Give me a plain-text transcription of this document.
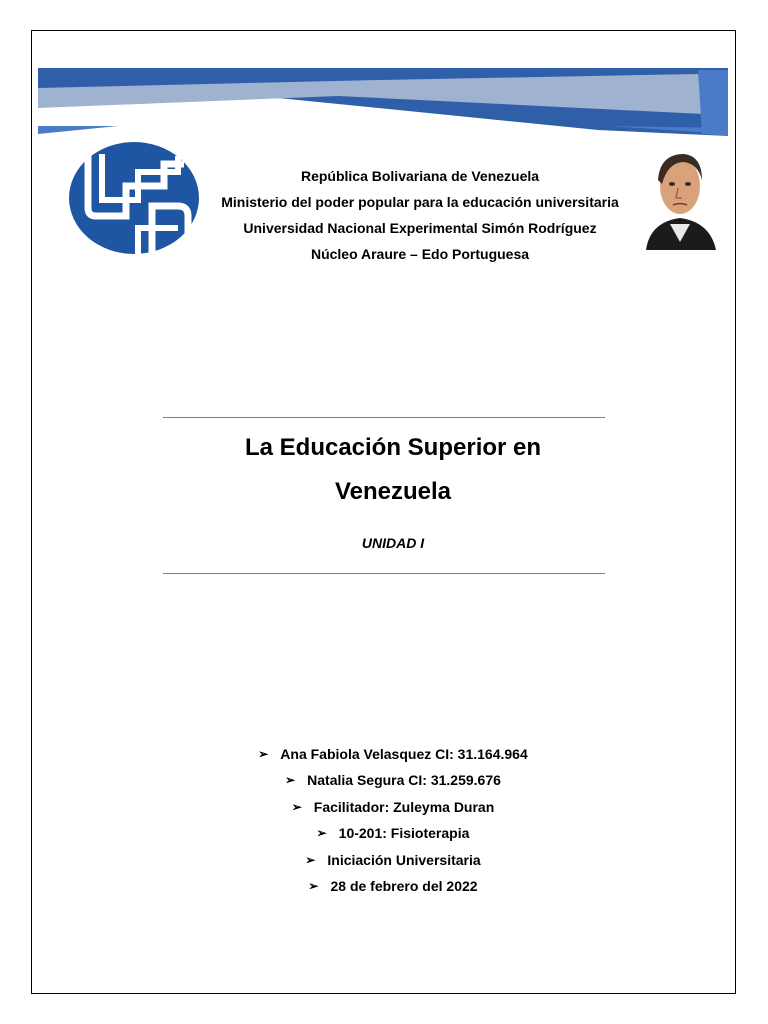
República Bolivariana de Venezuela
Ministerio del poder popular para la educación universitaria
Universidad Nacional Experimental Simón Rodríguez
Núcleo Araure – Edo Portuguesa
La Educación Superior en
Venezuela
UNIDAD I
➢ Ana Fabiola Velasquez CI: 31.164.964
➢ Natalia Segura CI: 31.259.676
➢ Facilitador: Zuleyma Duran
➢ 10-201: Fisioterapia
➢ Iniciación Universitaria
➢ 28 de febrero del 2022
